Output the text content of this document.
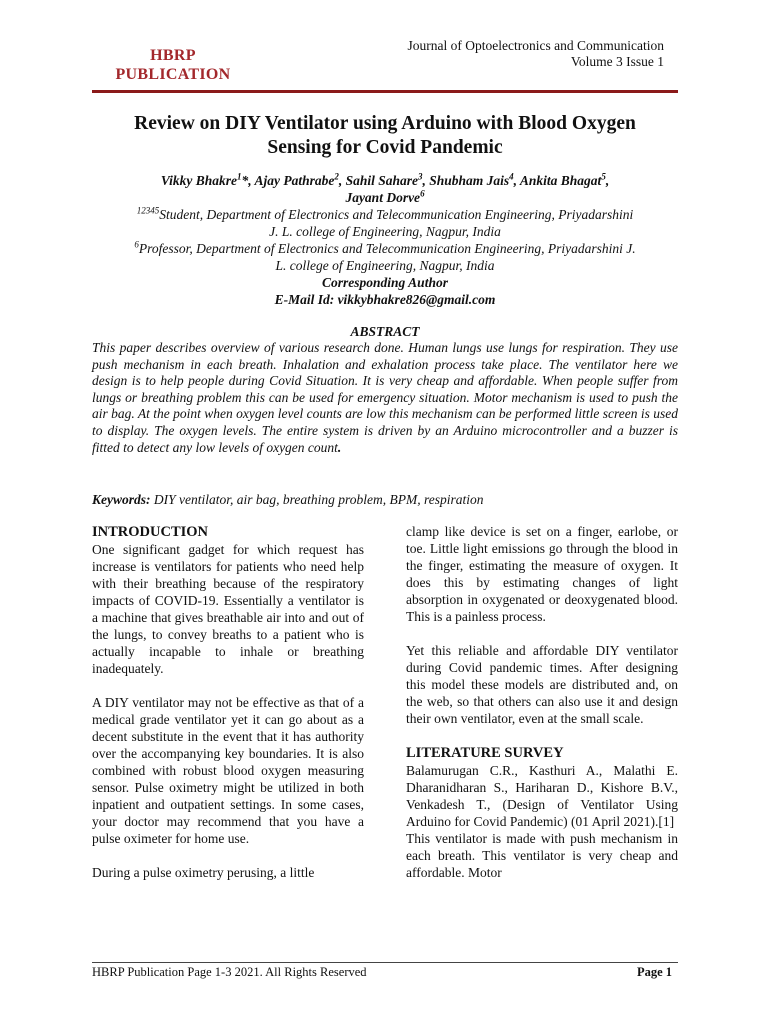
HBRP
PUBLICATION
Journal of Optoelectronics and Communication
Volume 3 Issue 1
Review on DIY Ventilator using Arduino with Blood Oxygen
Sensing for Covid Pandemic
Vikky Bhakre$^1$*, Ajay Pathrabe$^2$, Sahil Sahare$^3$, Shubham Jais$^4$, Ankita Bhagat$^5$,
Jayant Dorve$^6$
$^{12345}$Student, Department of Electronics and Telecommunication Engineering, Priyadarshini
J. L. college of Engineering, Nagpur, India
$^6$Professor, Department of Electronics and Telecommunication Engineering, Priyadarshini J.
L. college of Engineering, Nagpur, India
Corresponding Author
E-Mail Id: vikkybhakre826@gmail.com
ABSTRACT
This paper describes overview of various research done. Human lungs use lungs for respiration. They use push mechanism in each breath. Inhalation and exhalation process take place. The ventilator here we design is to help people during Covid Situation. It is very cheap and affordable. When people suffer from lungs or breathing problem this can be used for emergency situation. Motor mechanism is used to push the air bag. At the point when oxygen level counts are low this mechanism can be performed little screen is used to display. The oxygen levels. The entire system is driven by an Arduino microcontroller and a buzzer is fitted to detect any low levels of oxygen count.
Keywords: DIY ventilator, air bag, breathing problem, BPM, respiration
INTRODUCTION

One significant gadget for which request has increase is ventilators for patients who need help with their breathing because of the respiratory impacts of COVID-19. Essentially a ventilator is a machine that gives breathable air into and out of the lungs, to convey breaths to a patient who is actually incapable to inhale or breathing inadequately.

A DIY ventilator may not be effective as that of a medical grade ventilator yet it can go about as a decent substitute in the event that it has authority over the accompanying key boundaries. It is also combined with robust blood oxygen measuring sensor. Pulse oximetry might be utilized in both inpatient and outpatient settings. In some cases, your doctor may recommend that you have a pulse oximeter for home use.

During a pulse oximetry perusing, a little

clamp like device is set on a finger, earlobe, or toe. Little light emissions go through the blood in the finger, estimating the measure of oxygen. It does this by estimating changes of light absorption in oxygenated or deoxygenated blood. This is a painless process.

Yet this reliable and affordable DIY ventilator during Covid pandemic times. After designing this model these models are distributed and, on the web, so that others can also use it and design their own ventilator, even at the small scale.

LITERATURE SURVEY

Balamurugan C.R., Kasthuri A., Malathi E. Dharanidharan S., Hariharan D., Kishore B.V., Venkadesh T., (Design of Ventilator Using Arduino for Covid Pandemic) (01 April 2021).[1]

This ventilator is made with push mechanism in each breath. This ventilator is very cheap and affordable. Motor

HBRP Publication Page 1-3 2021. All Rights Reserved	Page 1
